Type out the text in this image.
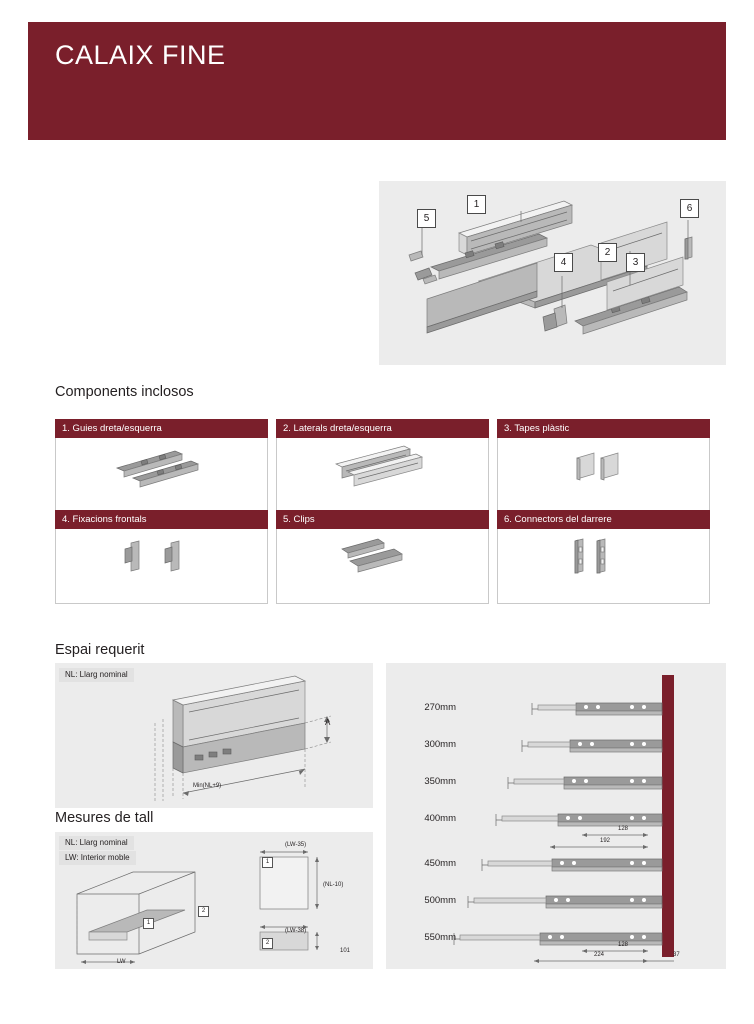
CALAIX FINE
1
2
3
4
5
6
Components inclosos
1. Guies dreta/esquerra	2. Laterals dreta/esquerra	3. Tapes plàstic
4. Fixacions frontals	5. Clips	6. Connectors del darrere
Espai requerit
NL: Llarg nominal
A
Min(NL+9)
Mesures de tall
NL: Llarg nominal
LW: Interior moble
1
2
LW
1
2
(LW-35)
(NL-10)
(LW-38)
101
270mm
300mm
350mm
400mm
450mm
500mm
550mm
128
192
128
224	37
